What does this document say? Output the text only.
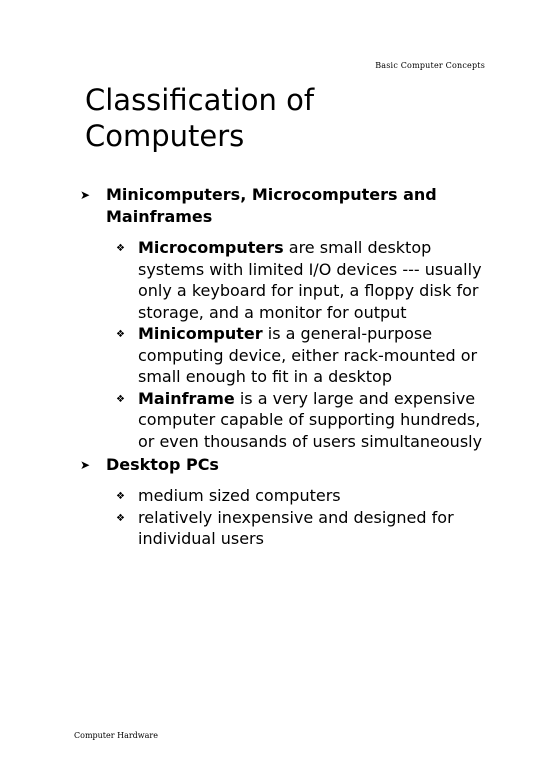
Basic Computer Concepts
Classification of Computers
➤ Minicomputers, Microcomputers and Mainframes
❖ Microcomputers are small desktop systems with limited I/O devices --- usually only a keyboard for input, a floppy disk for storage, and a monitor for output
❖ Minicomputer is a general-purpose computing device, either rack-mounted or small enough to fit in a desktop
❖ Mainframe is a very large and expensive computer capable of supporting hundreds, or even thousands of users simultaneously
➤ Desktop PCs
❖ medium sized computers
❖ relatively inexpensive and designed for individual users
Computer Hardware
